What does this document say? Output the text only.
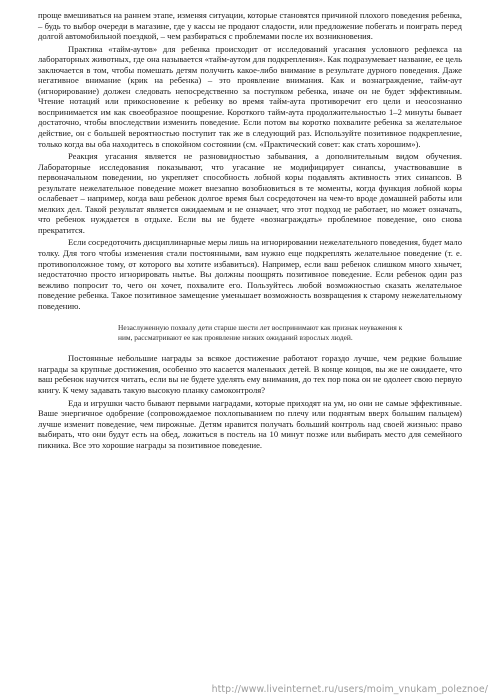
проще вмешиваться на раннем этапе, изменяя ситуации, которые становятся причиной плохого поведения ребенка, – будь то выбор очереди в магазине, где у кассы не продают сладости, или предложение побегать и поиграть перед долгой автомобильной поездкой, – чем разбираться с проблемами после их возникновения.

Практика «тайм-аутов» для ребенка происходит от исследований угасания условного рефлекса на лабораторных животных, где она называется «тайм-аутом для подкрепления». Как подразумевает название, ее цель заключается в том, чтобы помешать детям получить какое-либо внимание в результате дурного поведения. Даже негативное внимание (крик на ребенка) – это проявление внимания. Как и вознаграждение, тайм-аут (игнорирование) должен следовать непосредственно за поступком ребенка, иначе он не будет эффективным. Чтение нотаций или прикосновение к ребенку во время тайм-аута противоречит его цели и неосознанно воспринимается им как своеобразное поощрение. Короткого тайм-аута продолжительностью 1–2 минуты бывает достаточно, чтобы впоследствии изменить поведение. Если потом вы коротко похвалите ребенка за желательное действие, он с большей вероятностью поступит так же в следующий раз. Используйте позитивное подкрепление, только когда вы оба находитесь в спокойном состоянии (см. «Практический совет: как стать хорошим»).

Реакция угасания является не разновидностью забывания, а дополнительным видом обучения. Лабораторные исследования показывают, что угасание не модифицирует синапсы, участвовавшие в первоначальном поведении, но укрепляет способность лобной коры подавлять активность этих синапсов. В результате нежелательное поведение может внезапно возобновиться в те моменты, когда функция лобной коры ослабевает – например, когда ваш ребенок долгое время был сосредоточен на чем-то вроде домашней работы или мелких дел. Такой результат является ожидаемым и не означает, что этот подход не работает, но может означать, что ребенок нуждается в отдыхе. Если вы не будете «вознаграждать» проблемное поведение, оно снова прекратится.

Если сосредоточить дисциплинарные меры лишь на игнорировании нежелательного поведения, будет мало толку. Для того чтобы изменения стали постоянными, вам нужно еще подкреплять желательное поведение (т. е. противоположное тому, от которого вы хотите избавиться). Например, если ваш ребенок слишком много хнычет, недостаточно просто игнорировать нытье. Вы должны поощрять позитивное поведение. Если ребенок один раз вежливо попросит то, чего он хочет, похвалите его. Пользуйтесь любой возможностью сказать желательное поведение ребенка. Такое позитивное замещение уменьшает возможность возвращения к старому нежелательному поведению.

Незаслуженную похвалу дети старше шести лет воспринимают как признак неуважения к ним, рассматривают ее как проявление низких ожиданий взрослых людей.

Постоянные небольшие награды за всякое достижение работают гораздо лучше, чем редкие большие награды за крупные достижения, особенно это касается маленьких детей. В конце концов, вы же не ожидаете, что ваш ребенок научится читать, если вы не будете уделять ему внимания, до тех пор пока он не одолеет свою первую книгу. К чему задавать такую высокую планку самоконтроля?

Еда и игрушки часто бывают первыми наградами, которые приходят на ум, но они не самые эффективные. Ваше энергичное одобрение (сопровождаемое похлопыванием по плечу или поднятым вверх большим пальцем) лучше изменит поведение, чем пирожные. Детям нравится получать больший контроль над своей жизнью: право выбирать, что они будут есть на обед, ложиться в постель на 10 минут позже или выбирать место для семейного пикника. Все это хорошие награды за позитивное поведение.

http://www.liveinternet.ru/users/moim_vnukam_poleznoe/
